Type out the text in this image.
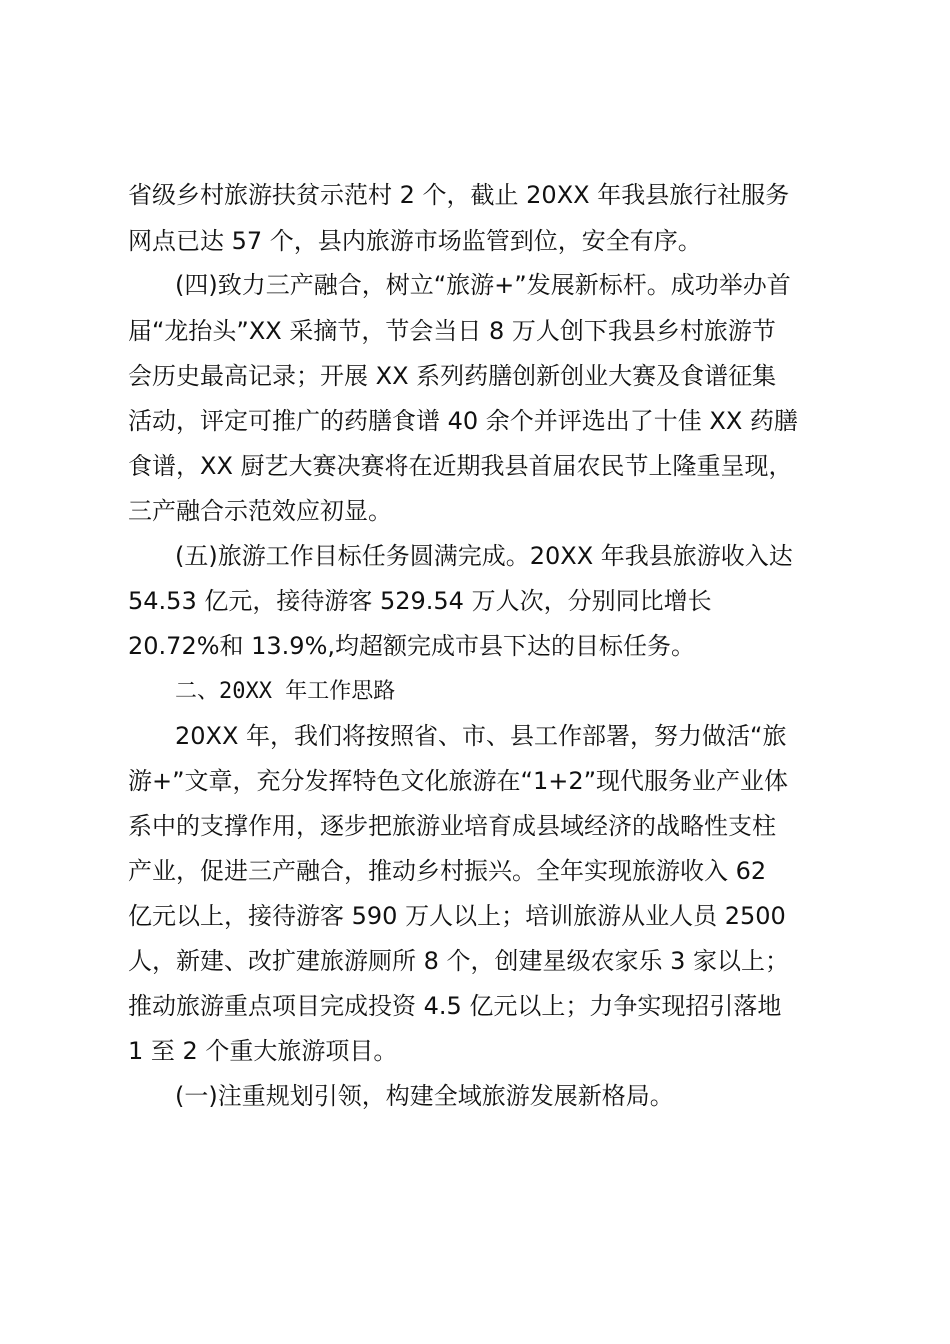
省级乡村旅游扶贫示范村 2 个，截止 20XX 年我县旅行社服务
网点已达 57 个，县内旅游市场监管到位，安全有序。
(四)致力三产融合，树立“旅游+”发展新标杆。成功举办首
届“龙抬头”XX 采摘节，节会当日 8 万人创下我县乡村旅游节
会历史最高记录；开展 XX 系列药膳创新创业大赛及食谱征集
活动，评定可推广的药膳食谱 40 余个并评选出了十佳 XX 药膳
食谱，XX 厨艺大赛决赛将在近期我县首届农民节上隆重呈现，
三产融合示范效应初显。
(五)旅游工作目标任务圆满完成。20XX 年我县旅游收入达
54.53 亿元，接待游客 529.54 万人次，分别同比增长
20.72%和 13.9%,均超额完成市县下达的目标任务。
二、20XX 年工作思路
20XX 年，我们将按照省、市、县工作部署，努力做活“旅
游+”文章，充分发挥特色文化旅游在“1+2”现代服务业产业体
系中的支撑作用，逐步把旅游业培育成县域经济的战略性支柱
产业，促进三产融合，推动乡村振兴。全年实现旅游收入 62
亿元以上，接待游客 590 万人以上；培训旅游从业人员 2500
人，新建、改扩建旅游厕所 8 个，创建星级农家乐 3 家以上；
推动旅游重点项目完成投资 4.5 亿元以上；力争实现招引落地
1 至 2 个重大旅游项目。
(一)注重规划引领，构建全域旅游发展新格局。
